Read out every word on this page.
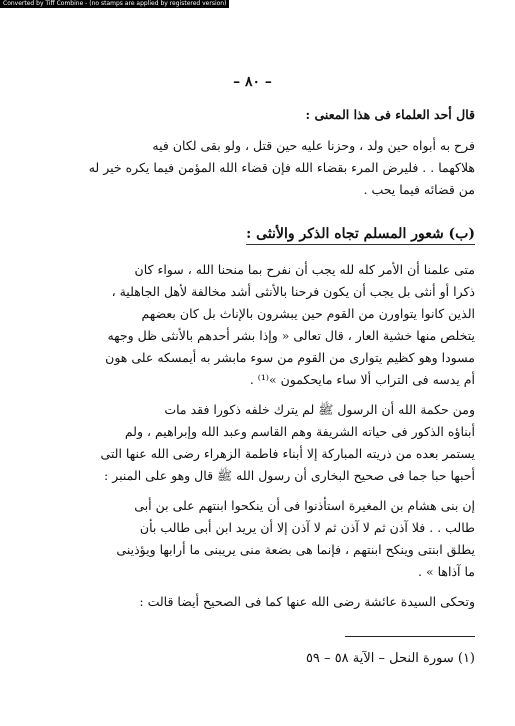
Converted by Tiff Combine - (no stamps are applied by registered version)
– ٨٠ –
قال أحد العلماء فى هذا المعنى :
فرح به أبواه حين ولد ، وحزنا عليه حين قتل ، ولو بقى لكان فيه
هلاكهما . . فليرض المرء بقضاء الله فإن قضاء الله المؤمن فيما يكره خير له
من قضائه فيما يحب .
(ب) شعور المسلم تجاه الذكر والأنثى :
متى علمنا أن الأمر كله لله يجب أن نفرح بما منحنا الله ، سواء كان
ذكرا أو أنثى بل يجب أن يكون فرحنا بالأنثى أشد مخالفة لأهل الجاهلية ،
الذين كانوا يتواورن من القوم حين يبشرون بالإناث بل كان بعضهم
يتخلص منها خشية العار ، قال تعالى « وإذا بشر أحدهم بالأنثى ظل وجهه
مسودا وهو كظيم يتوارى من القوم من سوء مابشر به أيمسكه على هون
أم يدسه فى التراب ألا ساء مايحكمون »⁽¹⁾ .
ومن حكمة الله أن الرسول ﷺ لم يترك خلفه ذكورا فقد مات
أبناؤه الذكور فى حياته الشريفة وهم القاسم وعبد الله وإبراهيم ، ولم
يستمر بعده من ذريته المباركة إلا أبناء فاطمة الزهراء رضى الله عنها التى
أحبها حبا جما فى صحيح البخارى أن رسول الله ﷺ قال وهو على المنبر :
إن بنى هشام بن المغيرة استأذنوا فى أن ينكحوا ابنتهم على بن أبى
طالب . . فلا آذن ثم لا آذن ثم لا آذن إلا أن يريد ابن أبى طالب بأن
يطلق ابنتى وينكح ابنتهم ، فإنما هى بضعة منى يريبنى ما أرابها ويؤذينى
ما آذاها » .
وتحكى السيدة عائشة رضى الله عنها كما فى الصحيح أيضا قالت :
(١) سورة النحل – الآية ٥٨ – ٥٩
